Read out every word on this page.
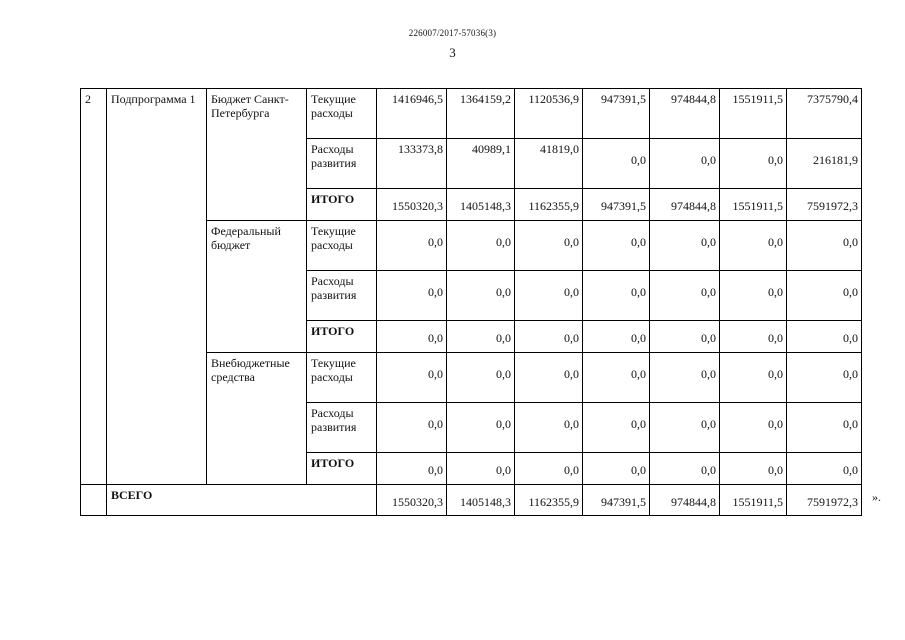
226007/2017-57036(3)
3
2	Подпрограмма 1	Бюджет Санкт-Петербурга	Текущие расходы	1416946,5	1364159,2	1120536,9	947391,5	974844,8	1551911,5	7375790,4
			Расходы развития	133373,8	40989,1	41819,0	0,0	0,0	0,0	216181,9
			ИТОГО	1550320,3	1405148,3	1162355,9	947391,5	974844,8	1551911,5	7591972,3
		Федеральный бюджет	Текущие расходы	0,0	0,0	0,0	0,0	0,0	0,0	0,0
			Расходы развития	0,0	0,0	0,0	0,0	0,0	0,0	0,0
			ИТОГО	0,0	0,0	0,0	0,0	0,0	0,0	0,0
		Внебюджетные средства	Текущие расходы	0,0	0,0	0,0	0,0	0,0	0,0	0,0
			Расходы развития	0,0	0,0	0,0	0,0	0,0	0,0	0,0
			ИТОГО	0,0	0,0	0,0	0,0	0,0	0,0	0,0
	ВСЕГО			1550320,3	1405148,3	1162355,9	947391,5	974844,8	1551911,5	7591972,3 ».
